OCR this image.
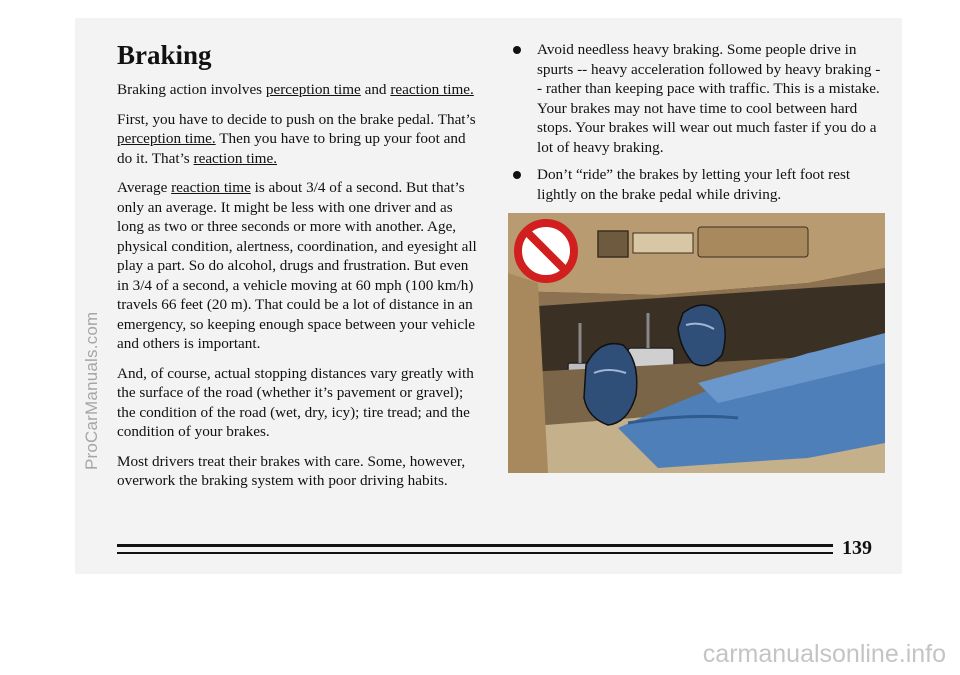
ProCarManuals.com
Braking

Braking action involves perception time and reaction time.

First, you have to decide to push on the brake pedal. That’s perception time. Then you have to bring up your foot and do it. That’s reaction time.

Average reaction time is about 3/4 of a second. But that’s only an average. It might be less with one driver and as long as two or three seconds or more with another. Age, physical condition, alertness, coordination, and eyesight all play a part. So do alcohol, drugs and frustration. But even in 3/4 of a second, a vehicle moving at 60 mph (100 km/h) travels 66 feet (20 m). That could be a lot of distance in an emergency, so keeping enough space between your vehicle and others is important.

And, of course, actual stopping distances vary greatly with the surface of the road (whether it’s pavement or gravel); the condition of the road (wet, dry, icy); tire tread; and the condition of your brakes.

Most drivers treat their brakes with care. Some, however, overwork the braking system with poor driving habits.

Avoid needless heavy braking. Some people drive in spurts -- heavy acceleration followed by heavy braking -- rather than keeping pace with traffic. This is a mistake. Your brakes may not have time to cool between hard stops. Your brakes will wear out much faster if you do a lot of heavy braking.
Don’t “ride” the brakes by letting your left foot rest lightly on the brake pedal while driving.
139
carmanualsonline.info
